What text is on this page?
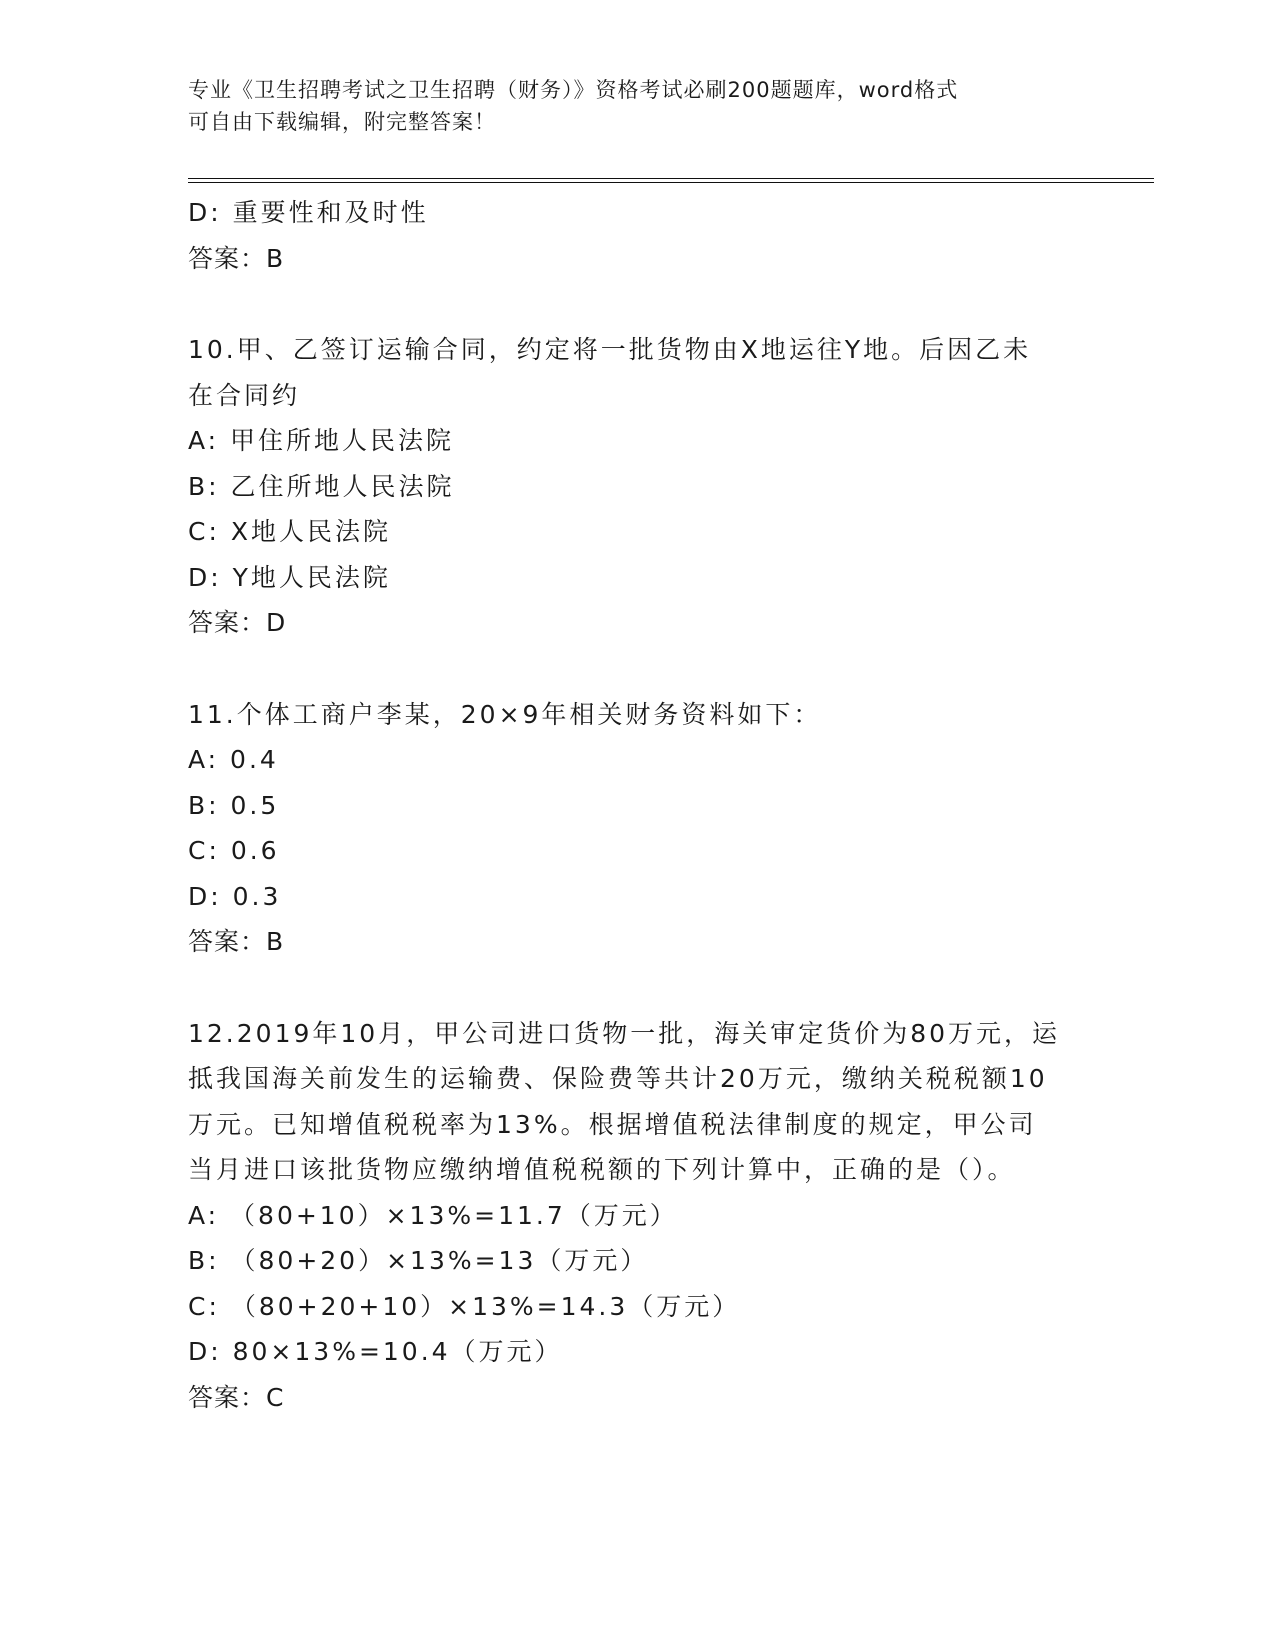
专业《卫生招聘考试之卫生招聘（财务）》资格考试必刷200题题库，word格式
可自由下载编辑，附完整答案！
D: 重要性和及时性
答案：B
10.甲、乙签订运输合同，约定将一批货物由X地运往Y地。后因乙未
在合同约
A: 甲住所地人民法院
B: 乙住所地人民法院
C: X地人民法院
D: Y地人民法院
答案：D
11.个体工商户李某，20×9年相关财务资料如下：
A: 0.4
B: 0.5
C: 0.6
D: 0.3
答案：B
12.2019年10月，甲公司进口货物一批，海关审定货价为80万元，运
抵我国海关前发生的运输费、保险费等共计20万元，缴纳关税税额10
万元。已知增值税税率为13%。根据增值税法律制度的规定，甲公司
当月进口该批货物应缴纳增值税税额的下列计算中，正确的是（）。
A: （80+10）×13%=11.7（万元）
B: （80+20）×13%=13（万元）
C: （80+20+10）×13%=14.3（万元）
D: 80×13%=10.4（万元）
答案：C
